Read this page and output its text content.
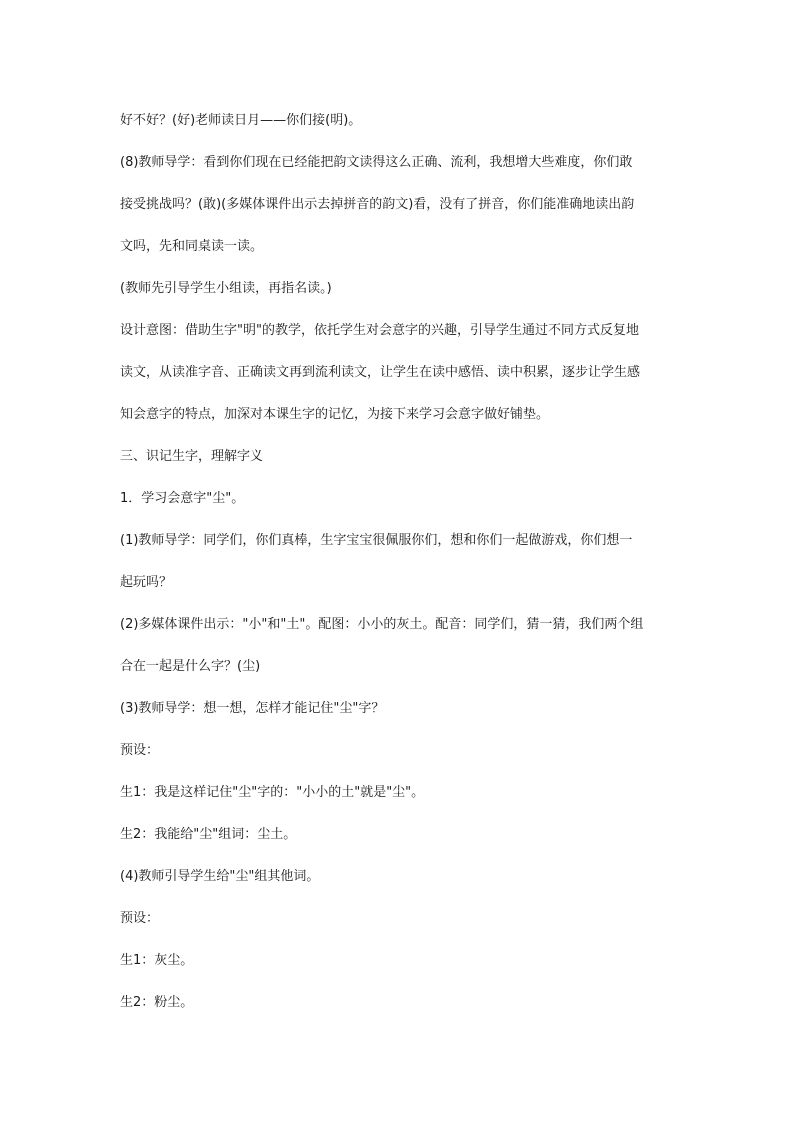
好不好？(好)老师读日月——你们接(明)。

(8)教师导学：看到你们现在已经能把韵文读得这么正确、流利，我想增大些难度，你们敢

接受挑战吗？(敢)(多媒体课件出示去掉拼音的韵文)看，没有了拼音，你们能准确地读出韵

文吗，先和同桌读一读。

(教师先引导学生小组读，再指名读。)

设计意图：借助生字"明"的教学，依托学生对会意字的兴趣，引导学生通过不同方式反复地

读文，从读准字音、正确读文再到流利读文，让学生在读中感悟、读中积累，逐步让学生感

知会意字的特点，加深对本课生字的记忆，为接下来学习会意字做好铺垫。

三、识记生字，理解字义

1．学习会意字"尘"。

(1)教师导学：同学们，你们真棒，生字宝宝很佩服你们，想和你们一起做游戏，你们想一

起玩吗？

(2)多媒体课件出示："小"和"土"。配图：小小的灰土。配音：同学们，猜一猜，我们两个组

合在一起是什么字？(尘)

(3)教师导学：想一想，怎样才能记住"尘"字？

预设：

生1：我是这样记住"尘"字的："小小的土"就是"尘"。

生2：我能给"尘"组词：尘土。

(4)教师引导学生给"尘"组其他词。

预设：

生1：灰尘。

生2：粉尘。
